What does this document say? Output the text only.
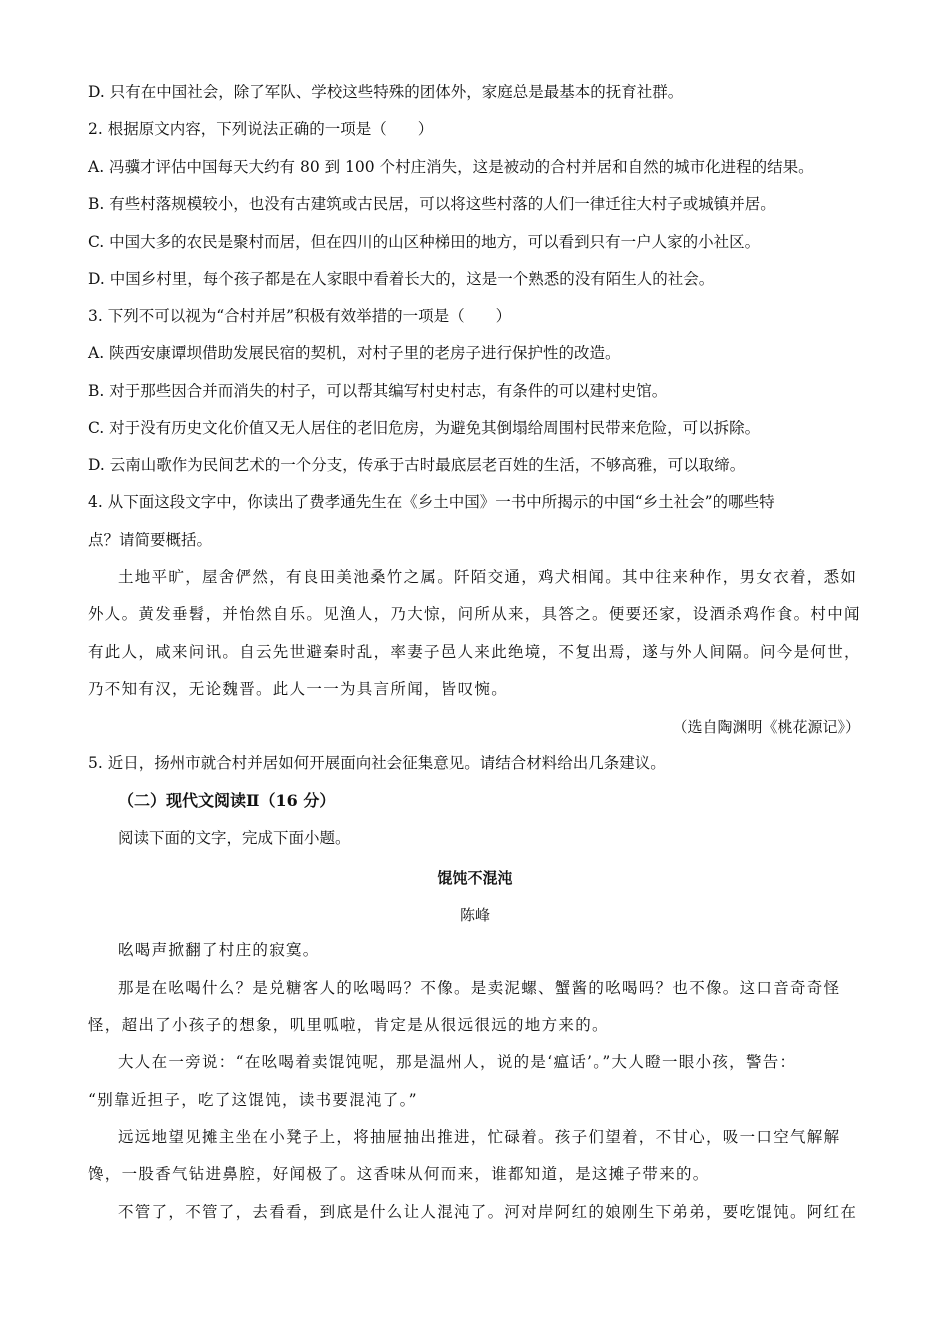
D. 只有在中国社会，除了军队、学校这些特殊的团体外，家庭总是最基本的抚育社群。
2. 根据原文内容，下列说法正确的一项是（　　）
A. 冯骥才评估中国每天大约有 80 到 100 个村庄消失，这是被动的合村并居和自然的城市化进程的结果。
B. 有些村落规模较小，也没有古建筑或古民居，可以将这些村落的人们一律迁往大村子或城镇并居。
C. 中国大多的农民是聚村而居，但在四川的山区种梯田的地方，可以看到只有一户人家的小社区。
D. 中国乡村里，每个孩子都是在人家眼中看着长大的，这是一个熟悉的没有陌生人的社会。
3. 下列不可以视为“合村并居”积极有效举措的一项是（　　）
A. 陕西安康谭坝借助发展民宿的契机，对村子里的老房子进行保护性的改造。
B. 对于那些因合并而消失的村子，可以帮其编写村史村志，有条件的可以建村史馆。
C. 对于没有历史文化价值又无人居住的老旧危房，为避免其倒塌给周围村民带来危险，可以拆除。
D. 云南山歌作为民间艺术的一个分支，传承于古时最底层老百姓的生活，不够高雅，可以取缔。
4. 从下面这段文字中，你读出了费孝通先生在《乡土中国》一书中所揭示的中国“乡土社会”的哪些特
点？请简要概括。
土地平旷，屋舍俨然，有良田美池桑竹之属。阡陌交通，鸡犬相闻。其中往来种作，男女衣着，悉如
外人。黄发垂髫，并怡然自乐。见渔人，乃大惊，问所从来，具答之。便要还家，设酒杀鸡作食。村中闻
有此人，咸来问讯。自云先世避秦时乱，率妻子邑人来此绝境，不复出焉，遂与外人间隔。问今是何世，
乃不知有汉，无论魏晋。此人一一为具言所闻，皆叹惋。
（选自陶渊明《桃花源记》）
5. 近日，扬州市就合村并居如何开展面向社会征集意见。请结合材料给出几条建议。
（二）现代文阅读Ⅱ（16 分）
阅读下面的文字，完成下面小题。
馄饨不混沌
陈峰
吆喝声掀翻了村庄的寂寞。
那是在吆喝什么？是兑糖客人的吆喝吗？不像。是卖泥螺、蟹酱的吆喝吗？也不像。这口音奇奇怪
怪，超出了小孩子的想象，叽里呱啦，肯定是从很远很远的地方来的。
大人在一旁说：“在吆喝着卖馄饨呢，那是温州人，说的是‘瘟话’。”大人瞪一眼小孩，警告：
“别靠近担子，吃了这馄饨，读书要混沌了。”
远远地望见摊主坐在小凳子上，将抽屉抽出推进，忙碌着。孩子们望着，不甘心，吸一口空气解解
馋，一股香气钻进鼻腔，好闻极了。这香味从何而来，谁都知道，是这摊子带来的。
不管了，不管了，去看看，到底是什么让人混沌了。河对岸阿红的娘刚生下弟弟，要吃馄饨。阿红在
